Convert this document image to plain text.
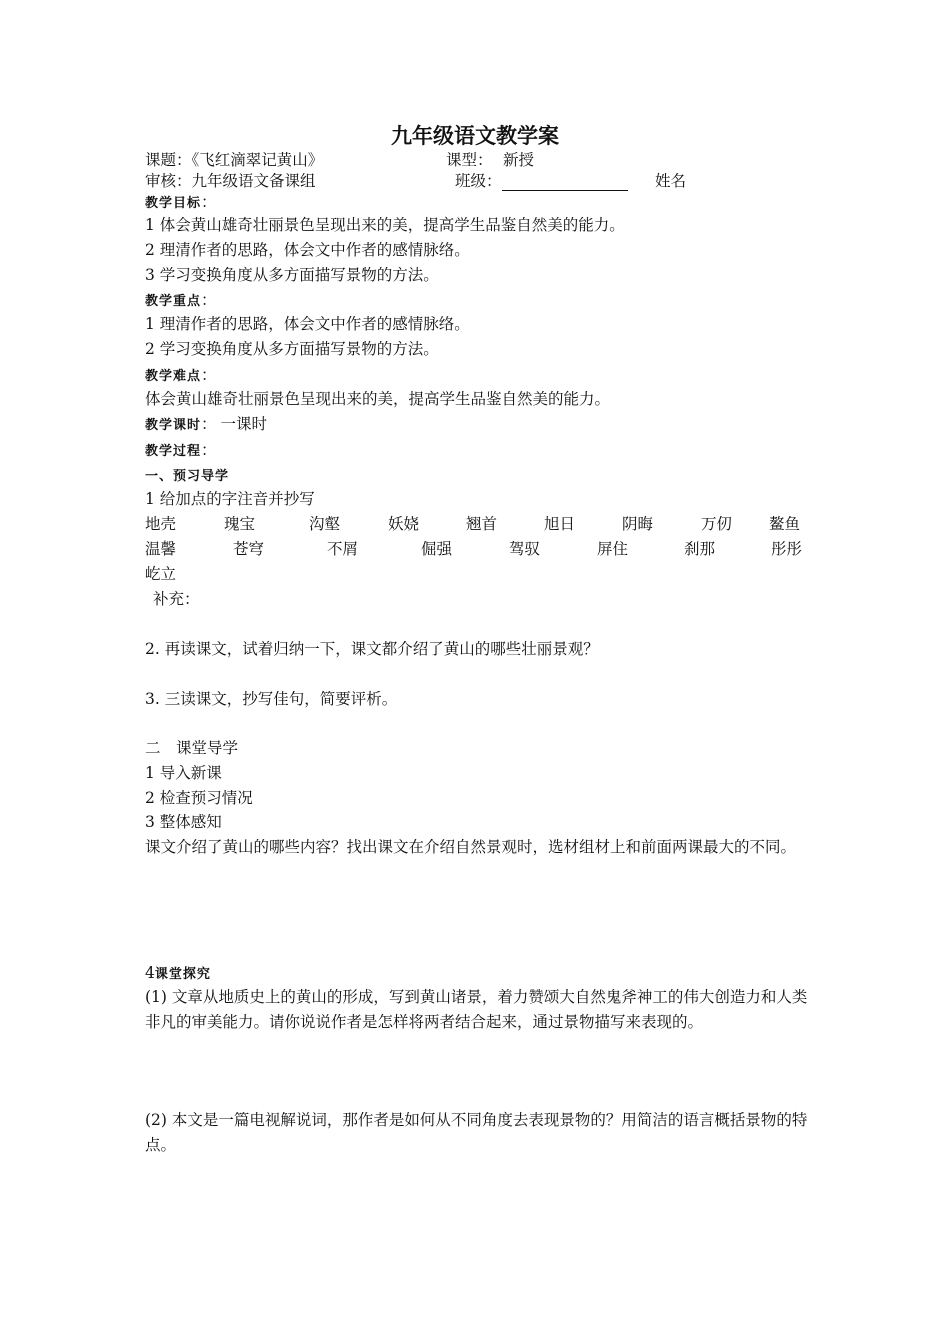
九年级语文教学案
课题：《飞红滴翠记黄山》	课型： 新授
审核：九年级语文备课组	班级：	姓名
教学目标：
1 体会黄山雄奇壮丽景色呈现出来的美，提高学生品鉴自然美的能力。
2 理清作者的思路，体会文中作者的感情脉络。
3 学习变换角度从多方面描写景物的方法。
教学重点：
1 理清作者的思路，体会文中作者的感情脉络。
2 学习变换角度从多方面描写景物的方法。
教学难点：
体会黄山雄奇壮丽景色呈现出来的美，提高学生品鉴自然美的能力。
教学课时： 一课时
教学过程：
一、预习导学
1 给加点的字注音并抄写
地壳	瑰宝	沟壑	妖娆	翘首	旭日	阴晦	万仞 鳌鱼
温馨	苍穹	不屑	倔强	驾驭	屏住	刹那	彤彤
屹立
补充：
2. 再读课文，试着归纳一下，课文都介绍了黄山的哪些壮丽景观？
3. 三读课文，抄写佳句，简要评析。
二　课堂导学
1 导入新课
2 检查预习情况
3 整体感知
课文介绍了黄山的哪些内容？找出课文在介绍自然景观时，选材组材上和前面两课最大的不同。
4课堂探究
(1) 文章从地质史上的黄山的形成，写到黄山诸景，着力赞颂大自然鬼斧神工的伟大创造力和人类非凡的审美能力。请你说说作者是怎样将两者结合起来，通过景物描写来表现的。
(2) 本文是一篇电视解说词，那作者是如何从不同角度去表现景物的？用简洁的语言概括景物的特点。
